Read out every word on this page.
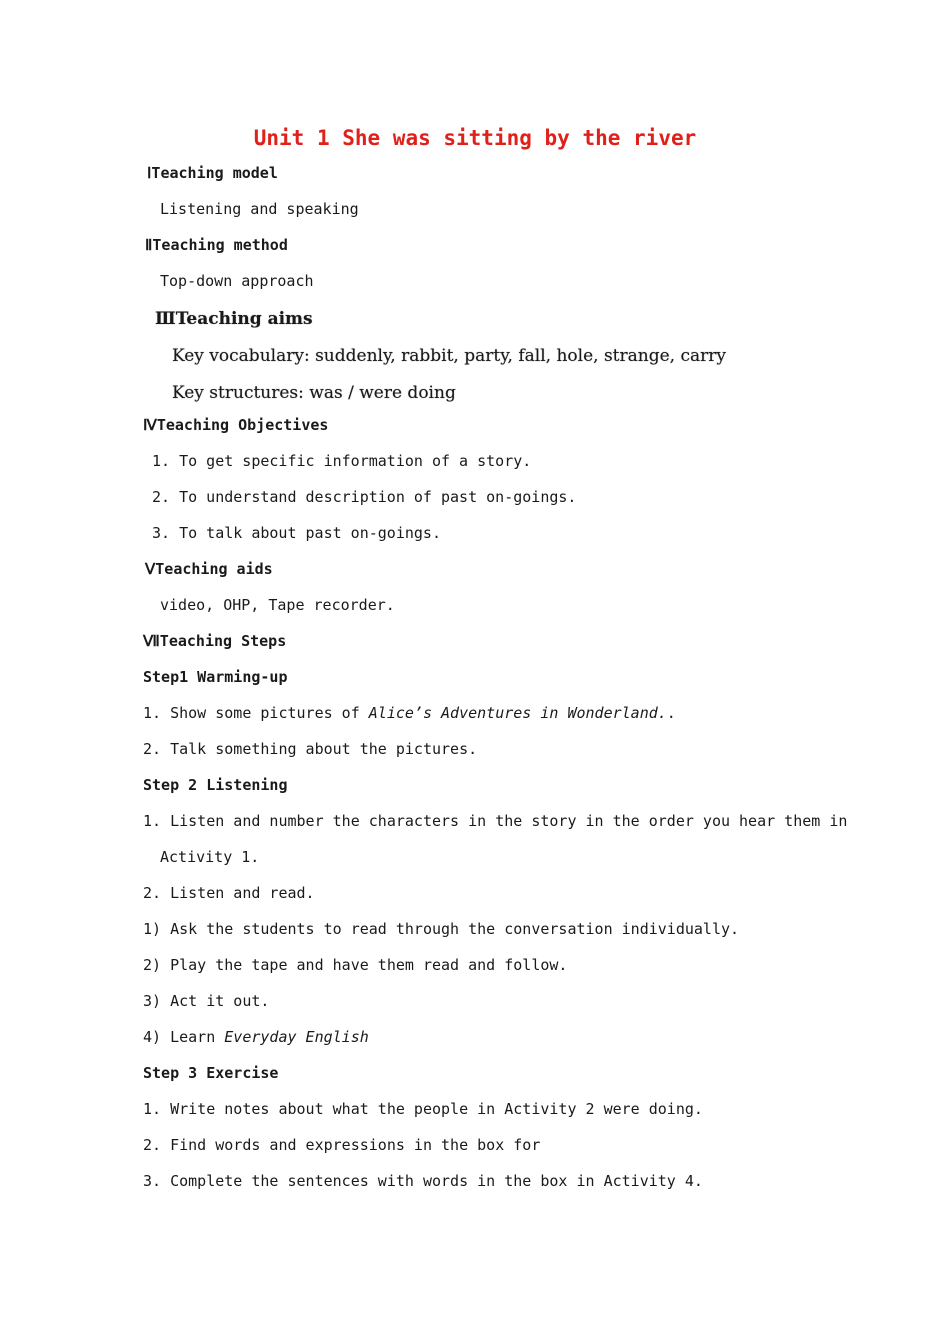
Unit 1 She was sitting by the river
ⅠTeaching model
Listening and speaking
ⅡTeaching method
Top-down approach
ⅢTeaching aims
Key vocabulary: suddenly, rabbit, party, fall, hole, strange, carry
Key structures: was / were doing
ⅣTeaching Objectives
1. To get specific information of a story.
2. To understand description of past on-goings.
3. To talk about past on-goings.
ⅤTeaching aids
video, OHP, Tape recorder.
ⅦTeaching Steps
Step1 Warming-up
1. Show some pictures of Alice’s Adventures in Wonderland..
2. Talk something about the pictures.
Step 2 Listening
1. Listen and number the characters in the story in the order you hear them in
Activity 1.
2. Listen and read.
1) Ask the students to read through the conversation individually.
2) Play the tape and have them read and follow.
3) Act it out.
4) Learn Everyday English
Step 3 Exercise
1. Write notes about what the people in Activity 2 were doing.
2. Find words and expressions in the box for
3. Complete the sentences with words in the box in Activity 4.
